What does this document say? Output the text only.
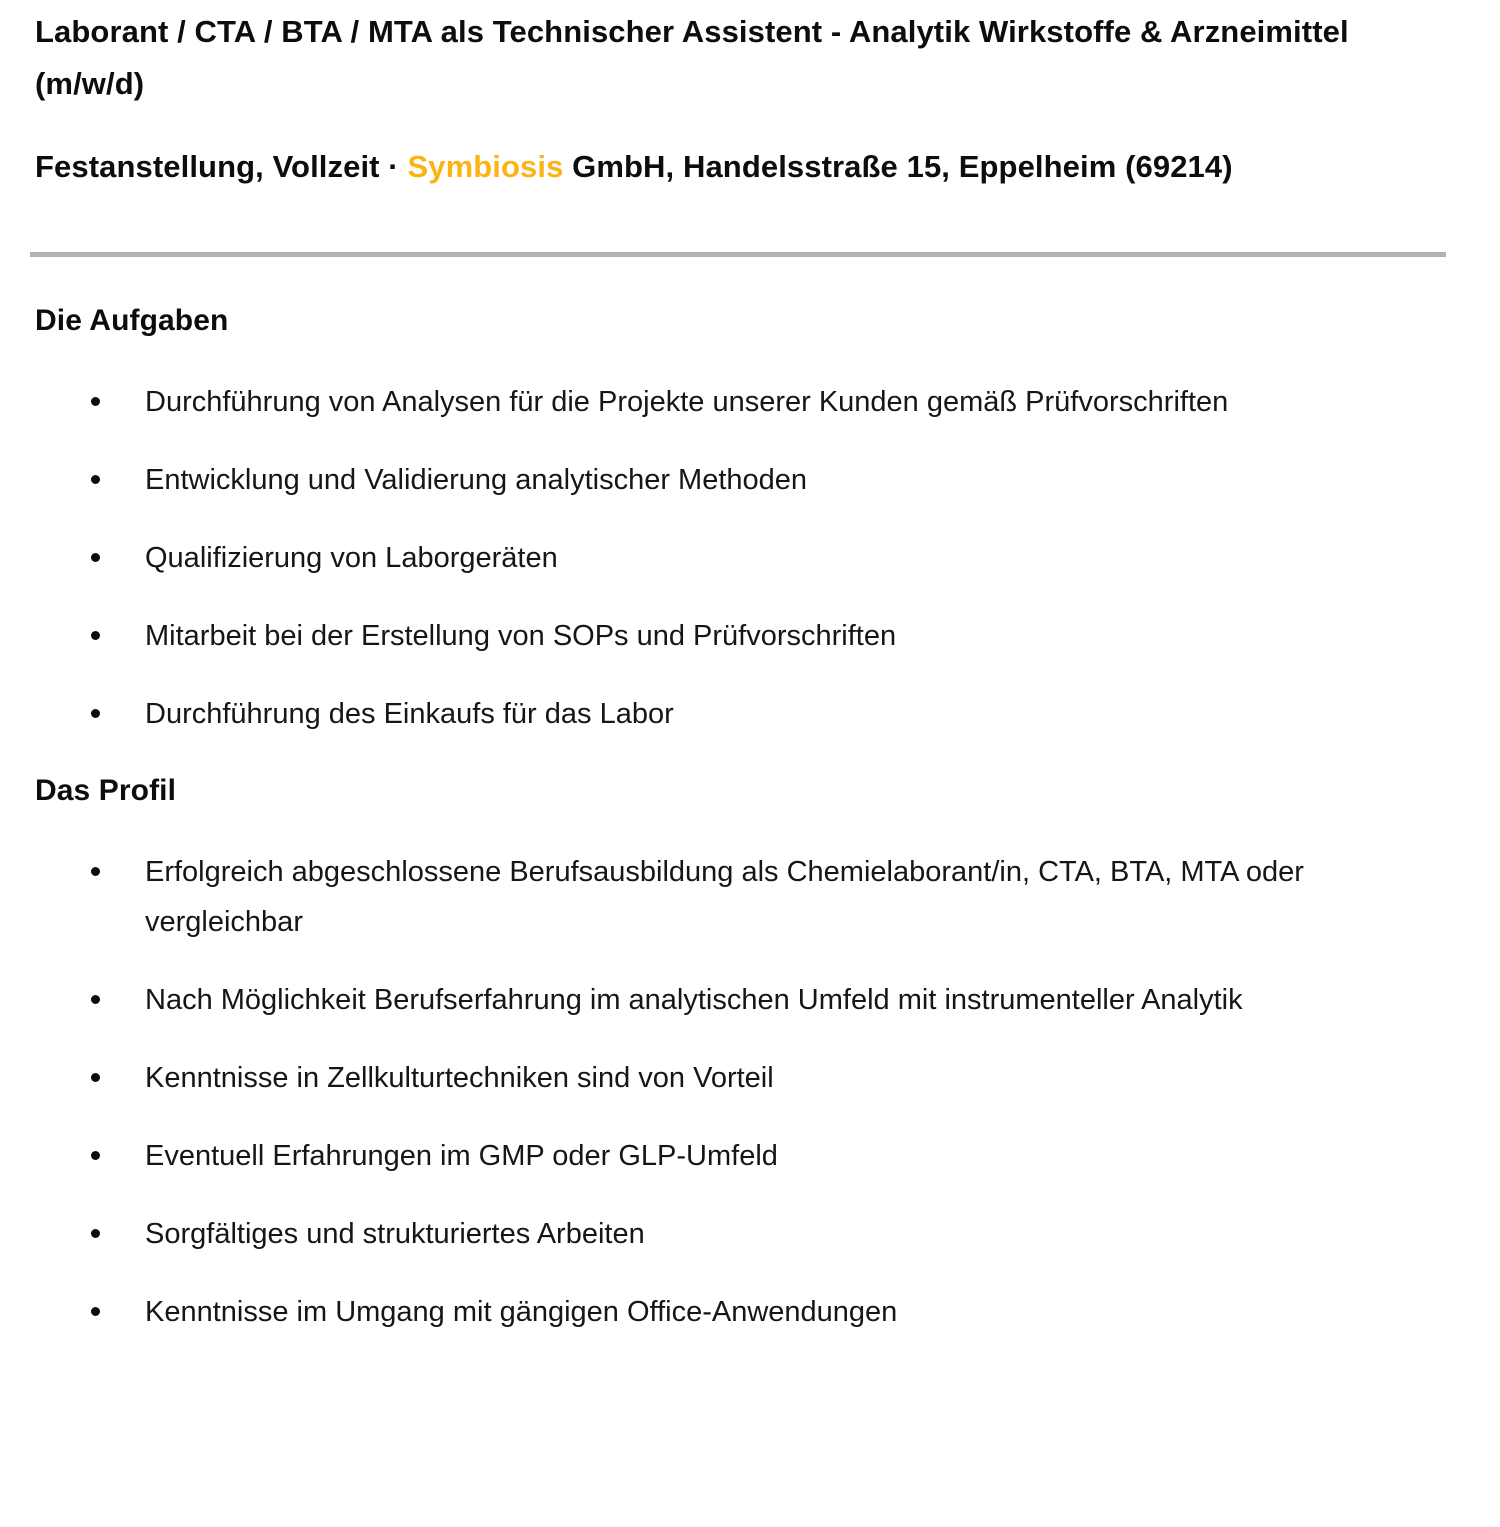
Laborant / CTA / BTA / MTA als Technischer Assistent - Analytik Wirkstoffe & Arzneimittel (m/w/d)

Festanstellung, Vollzeit · Symbiosis GmbH, Handelsstraße 15, Eppelheim (69214)

Die Aufgaben
Durchführung von Analysen für die Projekte unserer Kunden gemäß Prüfvorschriften
Entwicklung und Validierung analytischer Methoden
Qualifizierung von Laborgeräten
Mitarbeit bei der Erstellung von SOPs und Prüfvorschriften
Durchführung des Einkaufs für das Labor
Das Profil
Erfolgreich abgeschlossene Berufsausbildung als Chemielaborant/in, CTA, BTA, MTA oder vergleichbar
Nach Möglichkeit Berufserfahrung im analytischen Umfeld mit instrumenteller Analytik
Kenntnisse in Zellkulturtechniken sind von Vorteil
Eventuell Erfahrungen im GMP oder GLP-Umfeld
Sorgfältiges und strukturiertes Arbeiten
Kenntnisse im Umgang mit gängigen Office-Anwendungen
